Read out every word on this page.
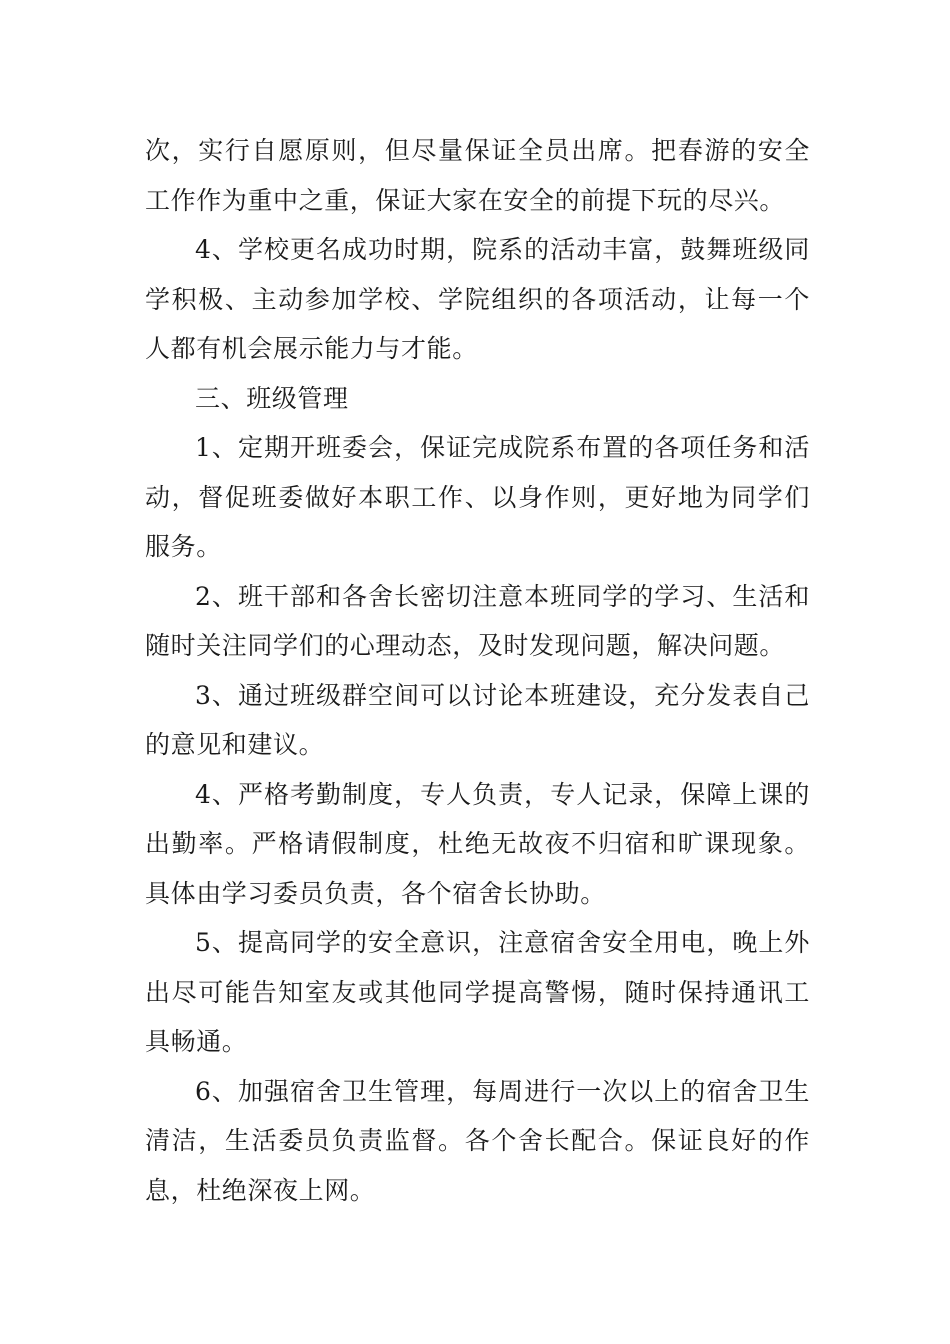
次，实行自愿原则，但尽量保证全员出席。把春游的安全工作作为重中之重，保证大家在安全的前提下玩的尽兴。

4、学校更名成功时期，院系的活动丰富，鼓舞班级同学积极、主动参加学校、学院组织的各项活动，让每一个人都有机会展示能力与才能。

三、班级管理

1、定期开班委会，保证完成院系布置的各项任务和活动，督促班委做好本职工作、以身作则，更好地为同学们服务。

2、班干部和各舍长密切注意本班同学的学习、生活和随时关注同学们的心理动态，及时发现问题，解决问题。

3、通过班级群空间可以讨论本班建设，充分发表自己的意见和建议。

4、严格考勤制度，专人负责，专人记录，保障上课的出勤率。严格请假制度，杜绝无故夜不归宿和旷课现象。具体由学习委员负责，各个宿舍长协助。

5、提高同学的安全意识，注意宿舍安全用电，晚上外出尽可能告知室友或其他同学提高警惕，随时保持通讯工具畅通。

6、加强宿舍卫生管理，每周进行一次以上的宿舍卫生清洁，生活委员负责监督。各个舍长配合。保证良好的作息，杜绝深夜上网。
